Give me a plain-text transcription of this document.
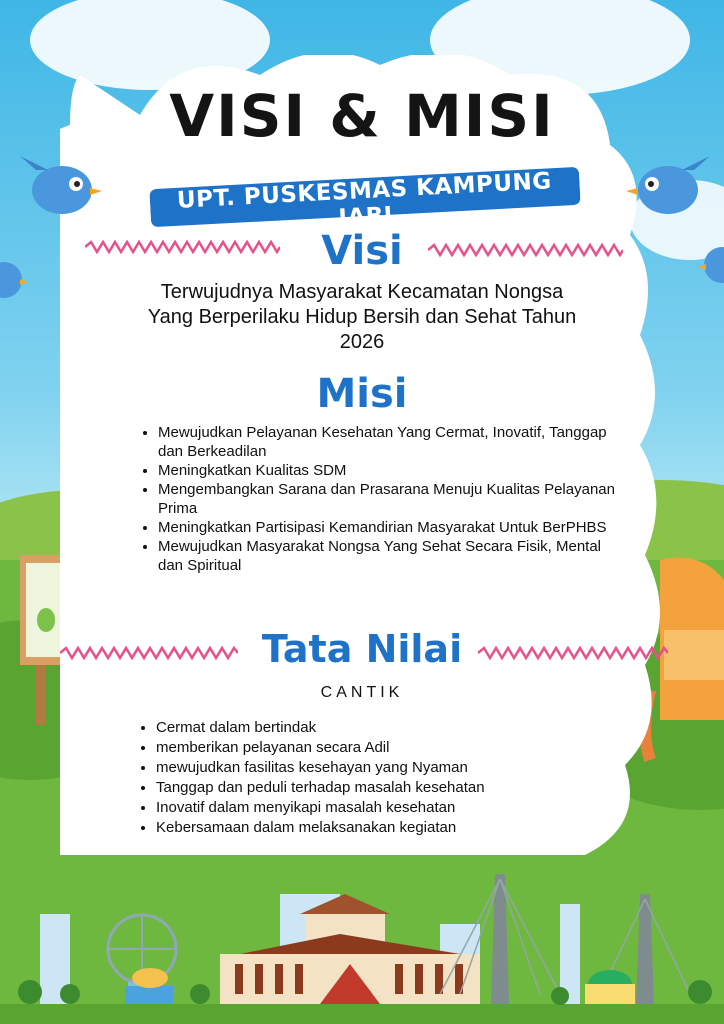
VISI & MISI
UPT. PUSKESMAS KAMPUNG JABI
Visi

Terwujudnya Masyarakat Kecamatan Nongsa
Yang Berperilaku Hidup Bersih dan Sehat Tahun
2026

Misi
• Mewujudkan Pelayanan Kesehatan Yang Cermat, Inovatif, Tanggap dan Berkeadilan
• Meningkatkan Kualitas SDM
• Mengembangkan Sarana dan Prasarana Menuju Kualitas Pelayanan Prima
• Meningkatkan Partisipasi Kemandirian Masyarakat Untuk BerPHBS
• Mewujudkan Masyarakat Nongsa Yang Sehat Secara Fisik, Mental dan Spiritual
Tata Nilai

CANTIK

• Cermat dalam bertindak
• memberikan pelayanan secara Adil
• mewujudkan fasilitas kesehayan yang Nyaman
• Tanggap dan peduli terhadap masalah kesehatan
• Inovatif dalam menyikapi masalah kesehatan
• Kebersamaan dalam melaksanakan kegiatan
